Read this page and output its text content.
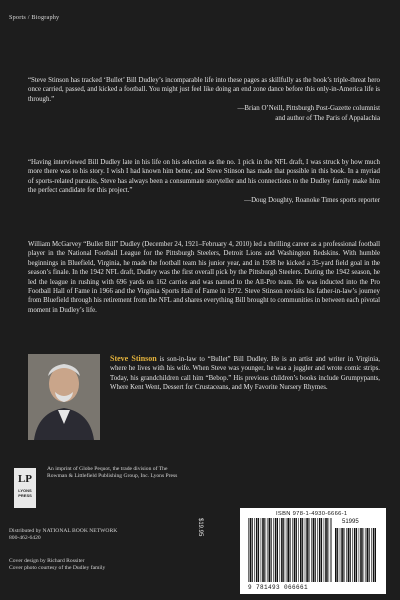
Sports / Biography

“Steve Stinson has tracked ‘Bullet’ Bill Dudley’s incomparable life into these pages as skillfully as the book’s triple-threat hero once carried, passed, and kicked a football. You might just feel like doing an end zone dance before this only-in-America life is through.”

—Brian O’Neill, Pittsburgh Post-Gazette columnist
and author of The Paris of Appalachia

“Having interviewed Bill Dudley late in his life on his selection as the no. 1 pick in the NFL draft, I was struck by how much more there was to his story. I wish I had known him better, and Steve Stinson has made that possible in this book. In a myriad of sports-related pursuits, Steve has always been a consummate storyteller and his connections to the Dudley family make him the perfect candidate for this project.”

—Doug Doughty, Roanoke Times sports reporter

William McGarvey “Bullet Bill” Dudley (December 24, 1921–February 4, 2010) led a thrilling career as a professional football player in the National Football League for the Pittsburgh Steelers, Detroit Lions and Washington Redskins. With humble beginnings in Bluefield, Virginia, he made the football team his junior year, and in 1938 he kicked a 35-yard field goal in the season’s finale. In the 1942 NFL draft, Dudley was the first overall pick by the Pittsburgh Steelers. During the 1942 season, he led the league in rushing with 696 yards on 162 carries and was named to the All-Pro team. He was inducted into the Pro Football Hall of Fame in 1966 and the Virginia Sports Hall of Fame in 1972. Steve Stinson revisits his father-in-law’s journey from Bluefield through his retirement from the NFL and shares everything Bill brought to communities in between each pivotal moment in Dudley’s life.

Steve Stinson is son-in-law to “Bullet” Bill Dudley. He is an artist and writer in Virginia, where he lives with his wife. When Steve was younger, he was a juggler and wrote comic strips. Today, his grandchildren call him “Bebop.” His previous children’s books include Grumpypants, Where Kent Went, Dessert for Crustaceans, and My Favorite Nursery Rhymes.
LP
LYONS PRESS
An imprint of Globe Pequot, the trade division of The Rowman & Littlefield Publishing Group, Inc. Lyons Press
Distributed by NATIONAL BOOK NETWORK
800-462-6420
Cover design by Richard Rossiter
Cover photo courtesy of the Dudley family
$19.95
ISBN 978-1-4930-6666-1
51995
9 781493 066661
